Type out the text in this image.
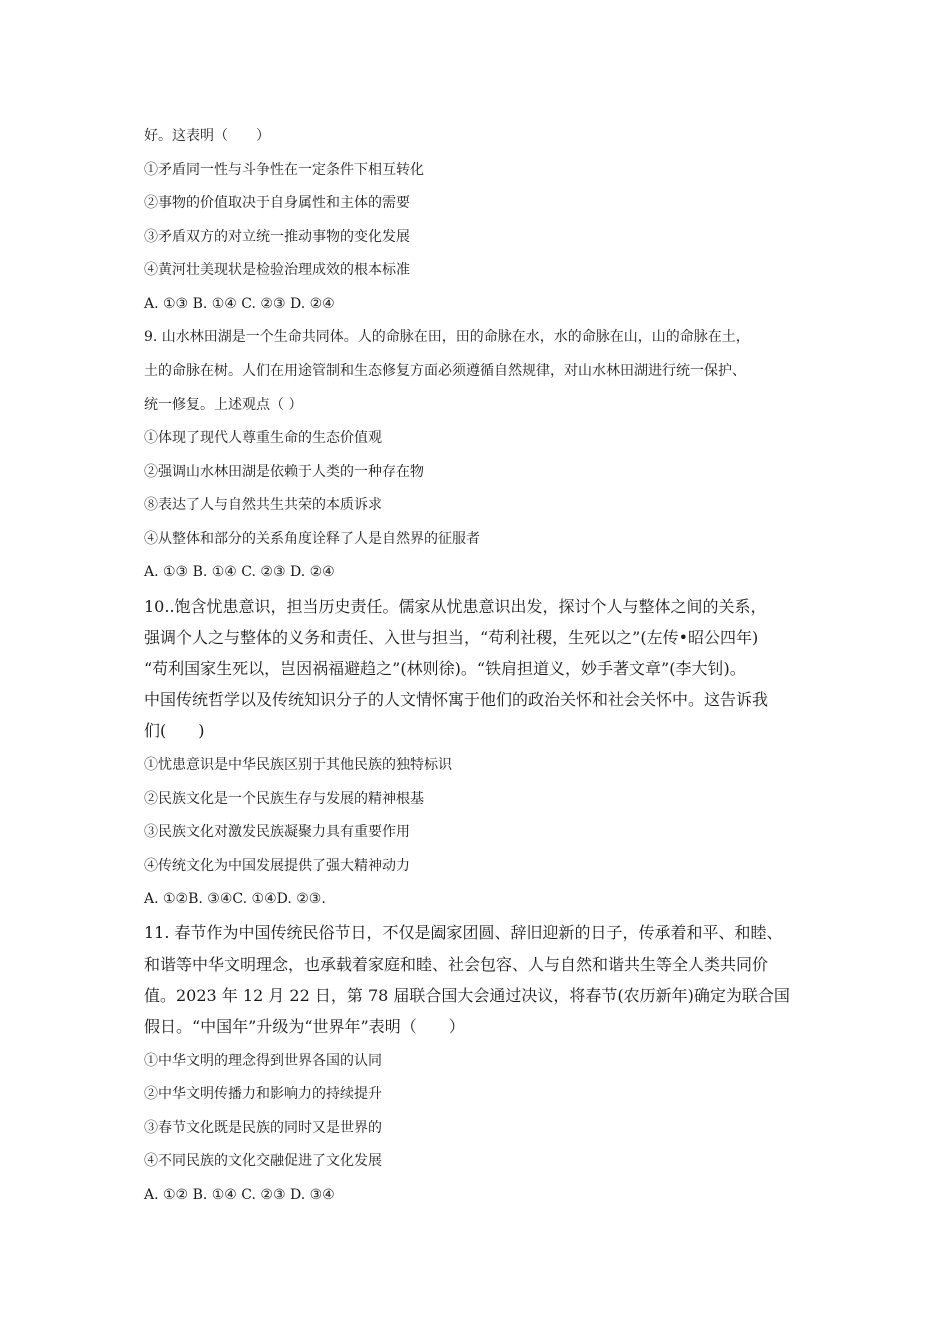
好。这表明（　　）
①矛盾同一性与斗争性在一定条件下相互转化
②事物的价值取决于自身属性和主体的需要
③矛盾双方的对立统一推动事物的变化发展
④黄河壮美现状是检验治理成效的根本标准
A. ①③ B. ①④ C. ②③ D. ②④
9. 山水林田湖是一个生命共同体。人的命脉在田，田的命脉在水，水的命脉在山，山的命脉在土，
土的命脉在树。人们在用途管制和生态修复方面必须遵循自然规律，对山水林田湖进行统一保护、
统一修复。上述观点（ ）
①体现了现代人尊重生命的生态价值观
②强调山水林田湖是依赖于人类的一种存在物
⑧表达了人与自然共生共荣的本质诉求
④从整体和部分的关系角度诠释了人是自然界的征服者
A. ①③ B. ①④ C. ②③ D. ②④
10..饱含忧患意识，担当历史责任。儒家从忧患意识出发，探讨个人与整体之间的关系，
强调个人之与整体的义务和责任、入世与担当，“苟利社稷，生死以之”(左传•昭公四年)
“苟利国家生死以，岂因祸福避趋之”(林则徐)。“铁肩担道义，妙手著文章”(李大钊)。
中国传统哲学以及传统知识分子的人文情怀寓于他们的政治关怀和社会关怀中。这告诉我
们(　　)
①忧患意识是中华民族区别于其他民族的独特标识
②民族文化是一个民族生存与发展的精神根基
③民族文化对激发民族凝聚力具有重要作用
④传统文化为中国发展提供了强大精神动力
A. ①②B. ③④C. ①④D. ②③.
11. 春节作为中国传统民俗节日，不仅是阖家团圆、辞旧迎新的日子，传承着和平、和睦、
和谐等中华文明理念，也承载着家庭和睦、社会包容、人与自然和谐共生等全人类共同价
值。2023 年 12 月 22 日，第 78 届联合国大会通过决议，将春节(农历新年)确定为联合国
假日。“中国年”升级为“世界年”表明（　　）
①中华文明的理念得到世界各国的认同
②中华文明传播力和影响力的持续提升
③春节文化既是民族的同时又是世界的
④不同民族的文化交融促进了文化发展
A. ①② B. ①④ C. ②③ D. ③④
